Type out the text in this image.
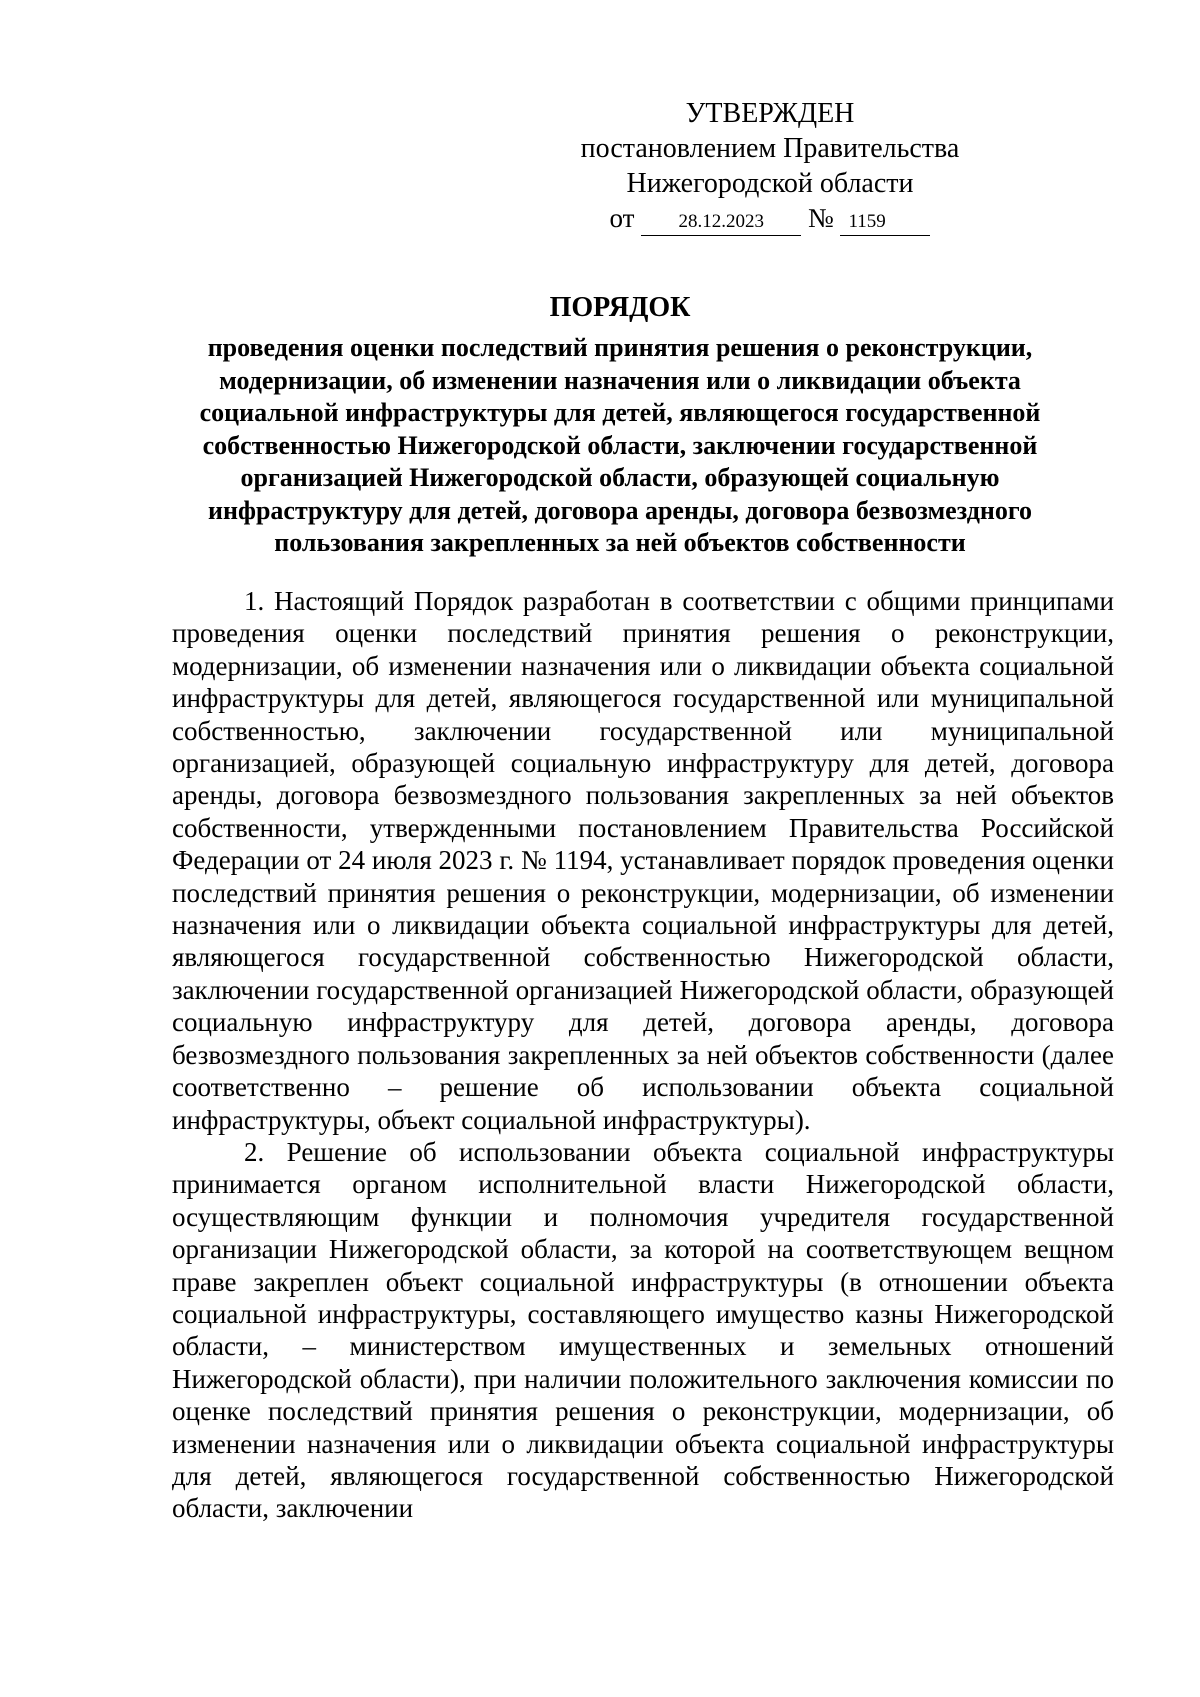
УТВЕРЖДЕН
постановлением Правительства
Нижегородской области
от 28.12.2023 № 1159
ПОРЯДОК
проведения оценки последствий принятия решения о реконструкции, модернизации, об изменении назначения или о ликвидации объекта социальной инфраструктуры для детей, являющегося государственной собственностью Нижегородской области, заключении государственной организацией Нижегородской области, образующей социальную инфраструктуру для детей, договора аренды, договора безвозмездного пользования закрепленных за ней объектов собственности

1. Настоящий Порядок разработан в соответствии с общими принципами проведения оценки последствий принятия решения о реконструкции, модернизации, об изменении назначения или о ликвидации объекта социальной инфраструктуры для детей, являющегося государственной или муниципальной собственностью, заключении государственной или муниципальной организацией, образующей социальную инфраструктуру для детей, договора аренды, договора безвозмездного пользования закрепленных за ней объектов собственности, утвержденными постановлением Правительства Российской Федерации от 24 июля 2023 г. № 1194, устанавливает порядок проведения оценки последствий принятия решения о реконструкции, модернизации, об изменении назначения или о ликвидации объекта социальной инфраструктуры для детей, являющегося государственной собственностью Нижегородской области, заключении государственной организацией Нижегородской области, образующей социальную инфраструктуру для детей, договора аренды, договора безвозмездного пользования закрепленных за ней объектов собственности (далее соответственно – решение об использовании объекта социальной инфраструктуры, объект социальной инфраструктуры).

2. Решение об использовании объекта социальной инфраструктуры принимается органом исполнительной власти Нижегородской области, осуществляющим функции и полномочия учредителя государственной организации Нижегородской области, за которой на соответствующем вещном праве закреплен объект социальной инфраструктуры (в отношении объекта социальной инфраструктуры, составляющего имущество казны Нижегородской области, – министерством имущественных и земельных отношений Нижегородской области), при наличии положительного заключения комиссии по оценке последствий принятия решения о реконструкции, модернизации, об изменении назначения или о ликвидации объекта социальной инфраструктуры для детей, являющегося государственной собственностью Нижегородской области, заключении
